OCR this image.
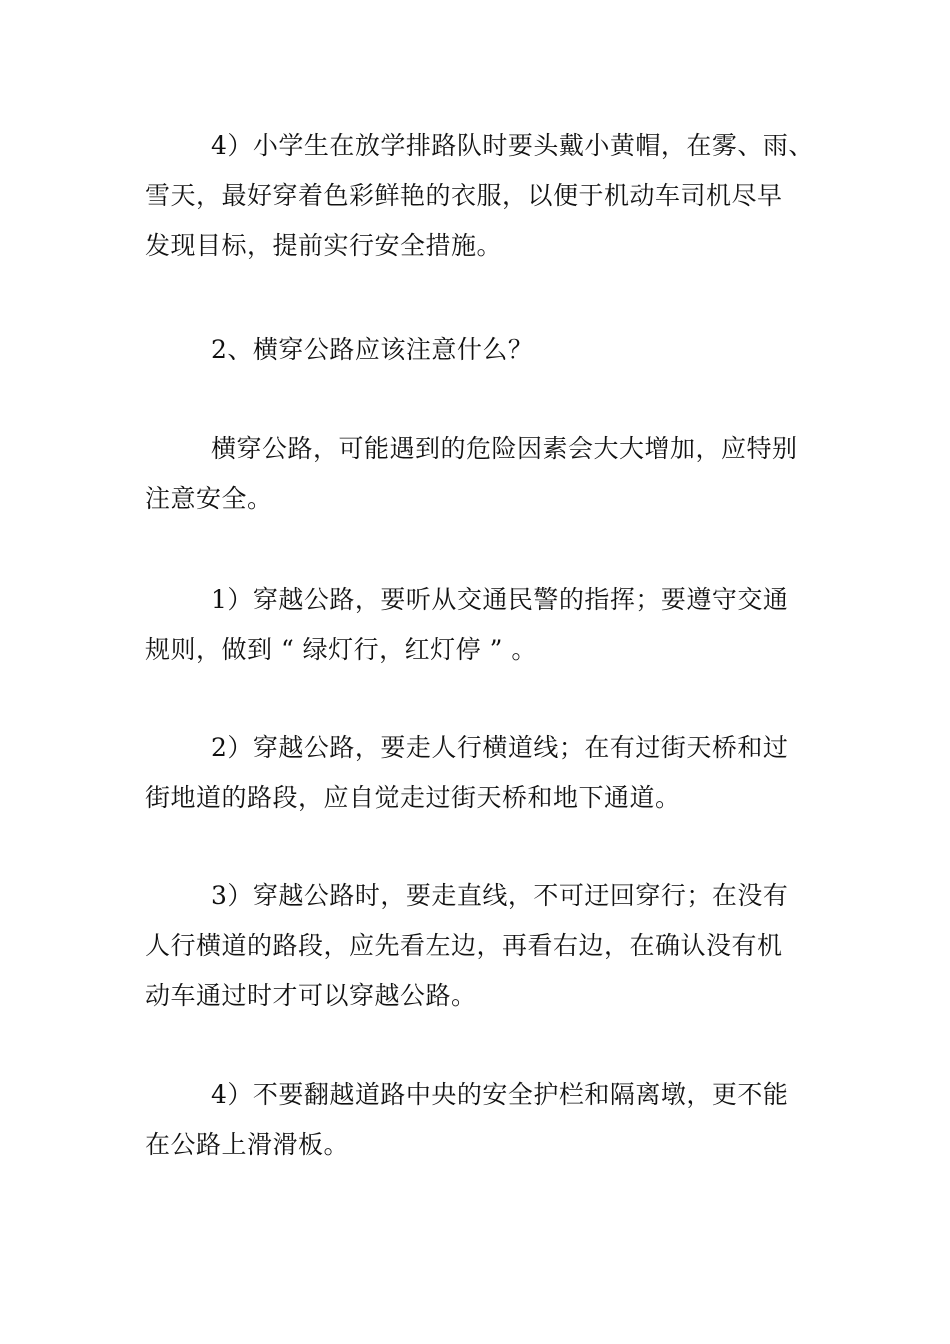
4）小学生在放学排路队时要头戴小黄帽，在雾、雨、
雪天，最好穿着色彩鲜艳的衣服，以便于机动车司机尽早
发现目标，提前实行安全措施。
2、横穿公路应该注意什么？
横穿公路，可能遇到的危险因素会大大增加，应特别
注意安全。
1）穿越公路，要听从交通民警的指挥；要遵守交通
规则，做到 “ 绿灯行，红灯停 ” 。
2）穿越公路，要走人行横道线；在有过街天桥和过
街地道的路段，应自觉走过街天桥和地下通道。
3）穿越公路时，要走直线，不可迂回穿行；在没有
人行横道的路段，应先看左边，再看右边，在确认没有机
动车通过时才可以穿越公路。
4）不要翻越道路中央的安全护栏和隔离墩，更不能
在公路上滑滑板。
